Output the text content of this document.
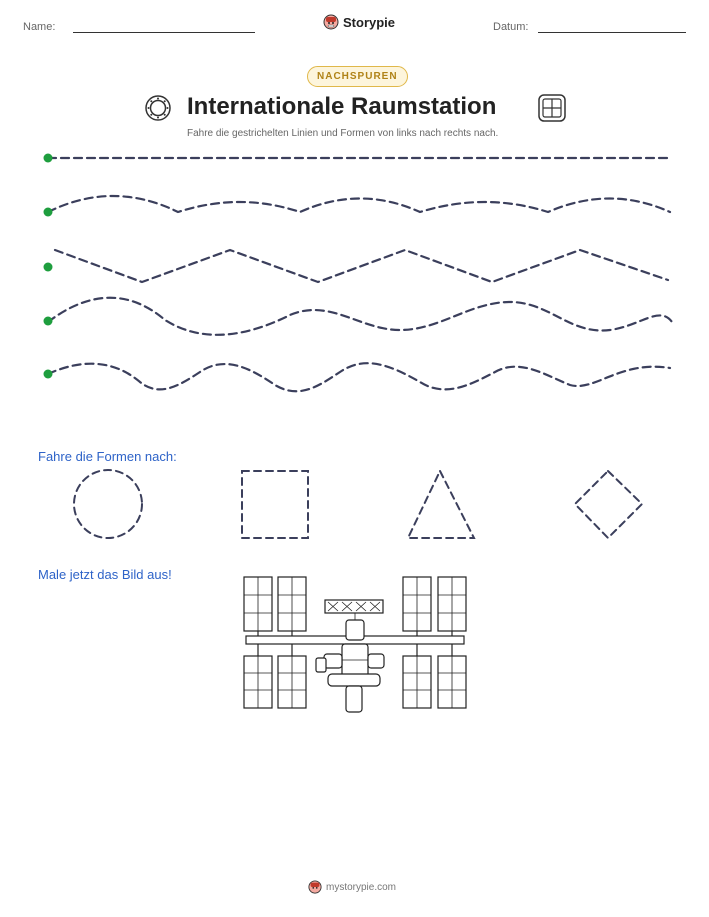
Name:	Storypie	Datum:
NACHSPUREN
Internationale Raumstation
Fahre die gestrichelten Linien und Formen von links nach rechts nach.
Fahre die Formen nach:
Male jetzt das Bild aus!
mystorypie.com
